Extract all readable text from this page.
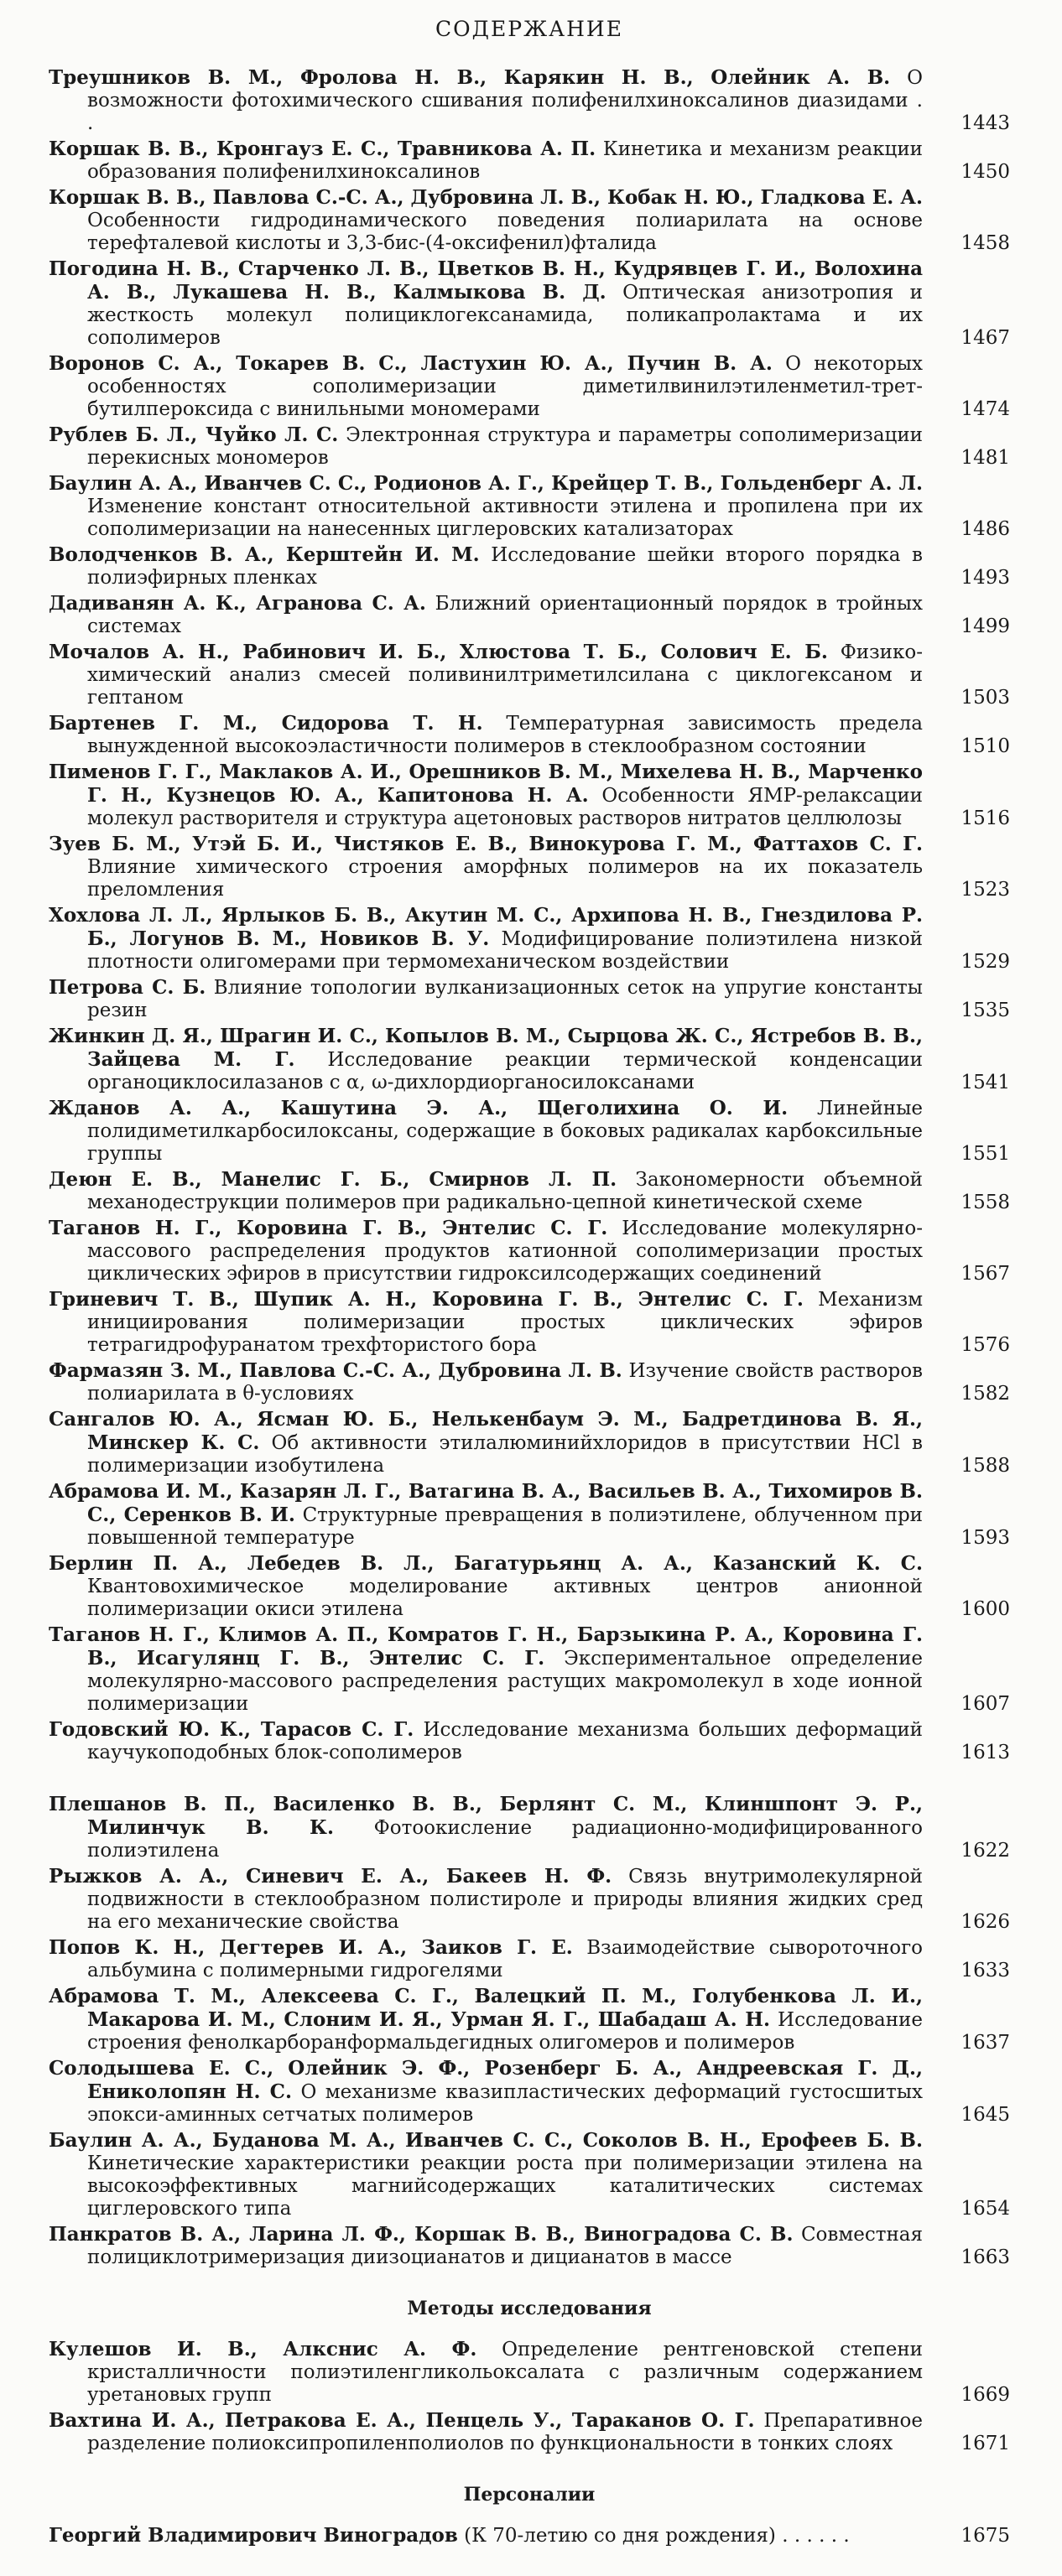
СОДЕРЖАНИЕ
Треушников В. М., Фролова Н. В., Карякин Н. В., Олейник А. В. О возможности фотохимического сшивания полифенилхиноксалинов диазидами . .	1443
Коршак В. В., Кронгауз Е. С., Травникова А. П. Кинетика и механизм реакции образования полифенилхиноксалинов	1450
Коршак В. В., Павлова С.-С. А., Дубровина Л. В., Кобак Н. Ю., Гладкова Е. А. Особенности гидродинамического поведения полиарилата на основе терефталевой кислоты и 3,3-бис-(4-оксифенил)фталида	1458
Погодина Н. В., Старченко Л. В., Цветков В. Н., Кудрявцев Г. И., Волохина А. В., Лукашева Н. В., Калмыкова В. Д. Оптическая анизотропия и жесткость молекул полициклогексанамида, поликапролактама и их сополимеров	1467
Воронов С. А., Токарев В. С., Ластухин Ю. А., Пучин В. А. О некоторых особенностях сополимеризации диметилвинилэтиленметил-трет-бутилпероксида с винильными мономерами	1474
Рублев Б. Л., Чуйко Л. С. Электронная структура и параметры сополимеризации перекисных мономеров	1481
Баулин А. А., Иванчев С. С., Родионов А. Г., Крейцер Т. В., Гольденберг А. Л. Изменение констант относительной активности этилена и пропилена при их сополимеризации на нанесенных циглеровских катализаторах	1486
Володченков В. А., Керштейн И. М. Исследование шейки второго порядка в полиэфирных пленках	1493
Дадиванян А. К., Агранова С. А. Ближний ориентационный порядок в тройных системах	1499
Мочалов А. Н., Рабинович И. Б., Хлюстова Т. Б., Солович Е. Б. Физико-химический анализ смесей поливинилтриметилсилана с циклогексаном и гептаном	1503
Бартенев Г. М., Сидорова Т. Н. Температурная зависимость предела вынужденной высокоэластичности полимеров в стеклообразном состоянии	1510
Пименов Г. Г., Маклаков А. И., Орешников В. М., Михелева Н. В., Марченко Г. Н., Кузнецов Ю. А., Капитонова Н. А. Особенности ЯМР-релаксации молекул растворителя и структура ацетоновых растворов нитратов целлюлозы	1516
Зуев Б. М., Утэй Б. И., Чистяков Е. В., Винокурова Г. М., Фаттахов С. Г. Влияние химического строения аморфных полимеров на их показатель преломления	1523
Хохлова Л. Л., Ярлыков Б. В., Акутин М. С., Архипова Н. В., Гнездилова Р. Б., Логунов В. М., Новиков В. У. Модифицирование полиэтилена низкой плотности олигомерами при термомеханическом воздействии	1529
Петрова С. Б. Влияние топологии вулканизационных сеток на упругие константы резин	1535
Жинкин Д. Я., Шрагин И. С., Копылов В. М., Сырцова Ж. С., Ястребов В. В., Зайцева М. Г. Исследование реакции термической конденсации органоциклосилазанов с α, ω-дихлордиорганосилоксанами	1541
Жданов А. А., Кашутина Э. А., Щеголихина О. И. Линейные полидиметилкарбосилоксаны, содержащие в боковых радикалах карбоксильные группы	1551
Деюн Е. В., Манелис Г. Б., Смирнов Л. П. Закономерности объемной механодеструкции полимеров при радикально-цепной кинетической схеме	1558
Таганов Н. Г., Коровина Г. В., Энтелис С. Г. Исследование молекулярно-массового распределения продуктов катионной сополимеризации простых циклических эфиров в присутствии гидроксилсодержащих соединений	1567
Гриневич Т. В., Шупик А. Н., Коровина Г. В., Энтелис С. Г. Механизм инициирования полимеризации простых циклических эфиров тетрагидрофуранатом трехфтористого бора	1576
Фармазян З. М., Павлова С.-С. А., Дубровина Л. В. Изучение свойств растворов полиарилата в θ-условиях	1582
Сангалов Ю. А., Ясман Ю. Б., Нелькенбаум Э. М., Бадретдинова В. Я., Минскер К. С. Об активности этилалюминийхлоридов в присутствии HCl в полимеризации изобутилена	1588
Абрамова И. М., Казарян Л. Г., Ватагина В. А., Васильев В. А., Тихомиров В. С., Серенков В. И. Структурные превращения в полиэтилене, облученном при повышенной температуре	1593
Берлин П. А., Лебедев В. Л., Багатурьянц А. А., Казанский К. С. Квантовохимическое моделирование активных центров анионной полимеризации окиси этилена	1600
Таганов Н. Г., Климов А. П., Комратов Г. Н., Барзыкина Р. А., Коровина Г. В., Исагулянц Г. В., Энтелис С. Г. Экспериментальное определение молекулярно-массового распределения растущих макромолекул в ходе ионной полимеризации	1607
Годовский Ю. К., Тарасов С. Г. Исследование механизма больших деформаций каучукоподобных блок-сополимеров	1613
Плешанов В. П., Василенко В. В., Берлянт С. М., Клиншпонт Э. Р., Милинчук В. К. Фотоокисление радиационно-модифицированного полиэтилена	1622
Рыжков А. А., Синевич Е. А., Бакеев Н. Ф. Связь внутримолекулярной подвижности в стеклообразном полистироле и природы влияния жидких сред на его механические свойства	1626
Попов К. Н., Дегтерев И. А., Заиков Г. Е. Взаимодействие сывороточного альбумина с полимерными гидрогелями	1633
Абрамова Т. М., Алексеева С. Г., Валецкий П. М., Голубенкова Л. И., Макарова И. М., Слоним И. Я., Урман Я. Г., Шабадаш А. Н. Исследование строения фенолкарборанформальдегидных олигомеров и полимеров	1637
Солодышева Е. С., Олейник Э. Ф., Розенберг Б. А., Андреевская Г. Д., Ениколопян Н. С. О механизме квазипластических деформаций густосшитых эпокси-аминных сетчатых полимеров	1645
Баулин А. А., Буданова М. А., Иванчев С. С., Соколов В. Н., Ерофеев Б. В. Кинетические характеристики реакции роста при полимеризации этилена на высокоэффективных магнийсодержащих каталитических системах циглеровского типа	1654
Панкратов В. А., Ларина Л. Ф., Коршак В. В., Виноградова С. В. Совместная полициклотримеризация диизоцианатов и дицианатов в массе	1663
Методы исследования
Кулешов И. В., Алкснис А. Ф. Определение рентгеновской степени кристалличности полиэтиленгликольоксалата с различным содержанием уретановых групп	1669
Вахтина И. А., Петракова Е. А., Пенцель У., Тараканов О. Г. Препаративное разделение полиоксипропиленполиолов по функциональности в тонких слоях	1671
Персоналии
Георгий Владимирович Виноградов (К 70-летию со дня рождения) . . . . . .	1675
